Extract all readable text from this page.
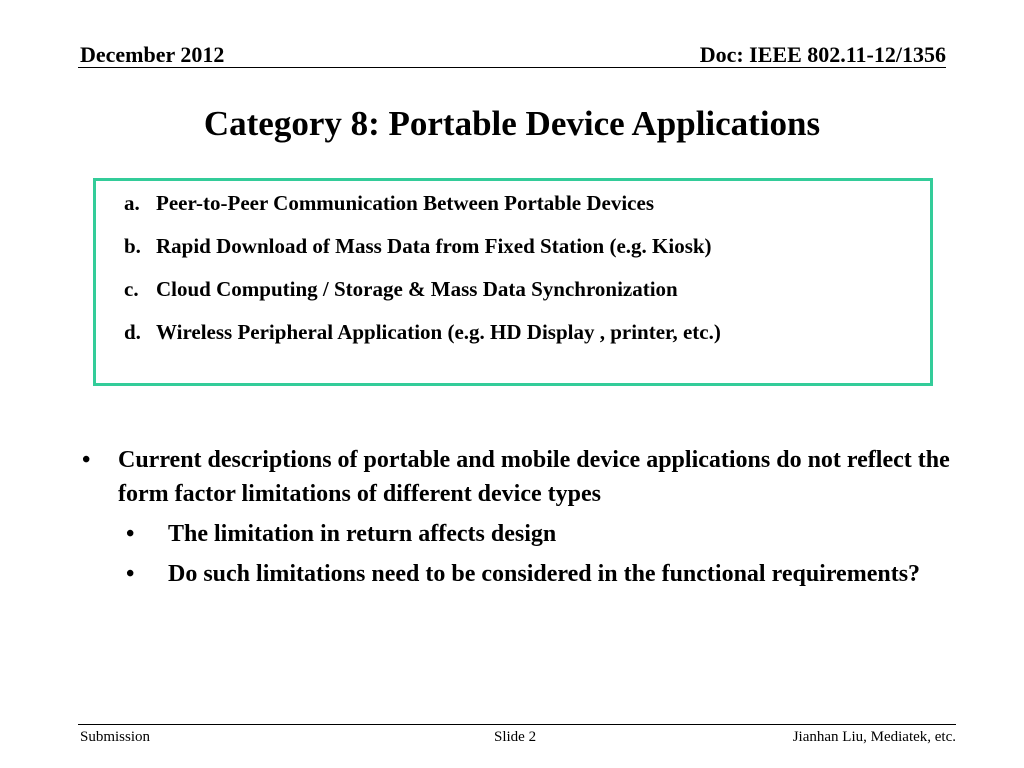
December 2012	Doc: IEEE 802.11-12/1356
Category 8: Portable Device Applications
a. Peer-to-Peer Communication Between Portable Devices
b. Rapid Download of Mass Data from Fixed Station (e.g. Kiosk)
c. Cloud Computing / Storage & Mass Data Synchronization
d. Wireless Peripheral Application (e.g. HD Display , printer, etc.)
•	Current descriptions of portable and mobile device applications do not reflect the form factor limitations of different device types
•	The limitation in return affects design
•	Do such limitations need to be considered in the functional requirements?
Submission	Slide 2	Jianhan Liu, Mediatek, etc.
